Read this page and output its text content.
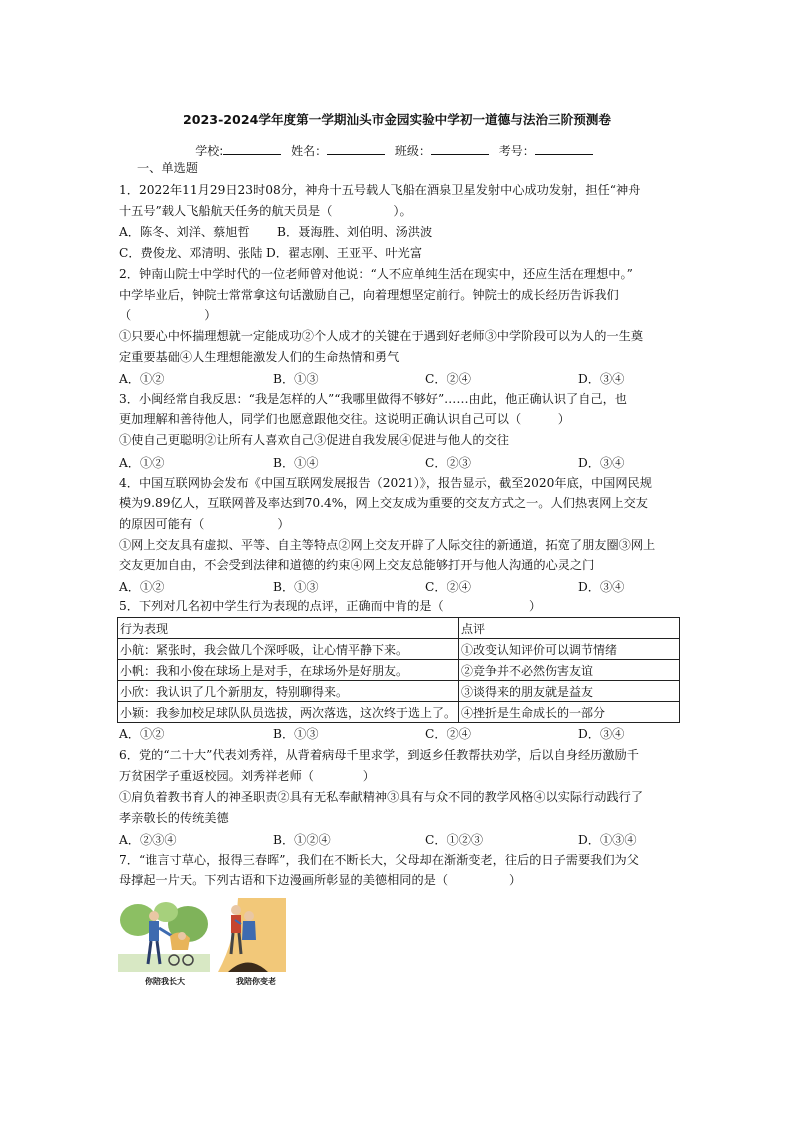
2023-2024学年度第一学期汕头市金园实验中学初一道德与法治三阶预测卷
学校:	姓名：	班级：	考号：
一、单选题
1．2022年11月29日23时08分，神舟十五号载人飞船在酒泉卫星发射中心成功发射，担任“神舟
十五号”载人飞船航天任务的航天员是（　　　　　）。
A．陈冬、刘洋、蔡旭哲 B．聂海胜、刘伯明、汤洪波
C．费俊龙、邓清明、张陆 D．翟志刚、王亚平、叶光富
2．钟南山院士中学时代的一位老师曾对他说：“人不应单纯生活在现实中，还应生活在理想中。”
中学毕业后，钟院士常常拿这句话激励自己，向着理想坚定前行。钟院士的成长经历告诉我们
（　　　　　　）
①只要心中怀揣理想就一定能成功②个人成才的关键在于遇到好老师③中学阶段可以为人的一生奠
定重要基础④人生理想能激发人们的生命热情和勇气
A．①②	B．①③	C．②④	D．③④
3．小闽经常自我反思：“我是怎样的人”“我哪里做得不够好”……由此，他正确认识了自己，也
更加理解和善待他人，同学们也愿意跟他交往。这说明正确认识自己可以（　　　）
①使自己更聪明②让所有人喜欢自己③促进自我发展④促进与他人的交往
A．①②	B．①④	C．②③	D．③④
4．中国互联网协会发布《中国互联网发展报告（2021）》，报告显示，截至2020年底，中国网民规
模为9.89亿人，互联网普及率达到70.4%，网上交友成为重要的交友方式之一。人们热衷网上交友
的原因可能有（　　　　　　）
①网上交友具有虚拟、平等、自主等特点②网上交友开辟了人际交往的新通道，拓宽了朋友圈③网上
交友更加自由，不会受到法律和道德的约束④网上交友总能够打开与他人沟通的心灵之门
A．①②	B．①③	C．②④	D．③④
5．下列对几名初中学生行为表现的点评，正确而中肯的是（　　　　　　　）
行为表现	点评
小航：紧张时，我会做几个深呼吸，让心情平静下来。	①改变认知评价可以调节情绪
小帆：我和小俊在球场上是对手，在球场外是好朋友。	②竞争并不必然伤害友谊
小欣：我认识了几个新朋友，特别聊得来。	③谈得来的朋友就是益友
小颖：我参加校足球队队员选拔，两次落选，这次终于选上了。	④挫折是生命成长的一部分
A．①②	B．①③	C．②④	D．③④
6．党的“二十大”代表刘秀祥，从背着病母千里求学，到返乡任教帮扶劝学，后以自身经历激励千
万贫困学子重返校园。刘秀祥老师（　　　　）
①肩负着教书育人的神圣职责②具有无私奉献精神③具有与众不同的教学风格④以实际行动践行了
孝亲敬长的传统美德
A．②③④	B．①②④	C．①②③	D．①③④
7．“谁言寸草心，报得三春晖”，我们在不断长大，父母却在渐渐变老，往后的日子需要我们为父
母撑起一片天。下列古语和下边漫画所彰显的美德相同的是（　　　　　）
你陪我长大	我陪你变老
